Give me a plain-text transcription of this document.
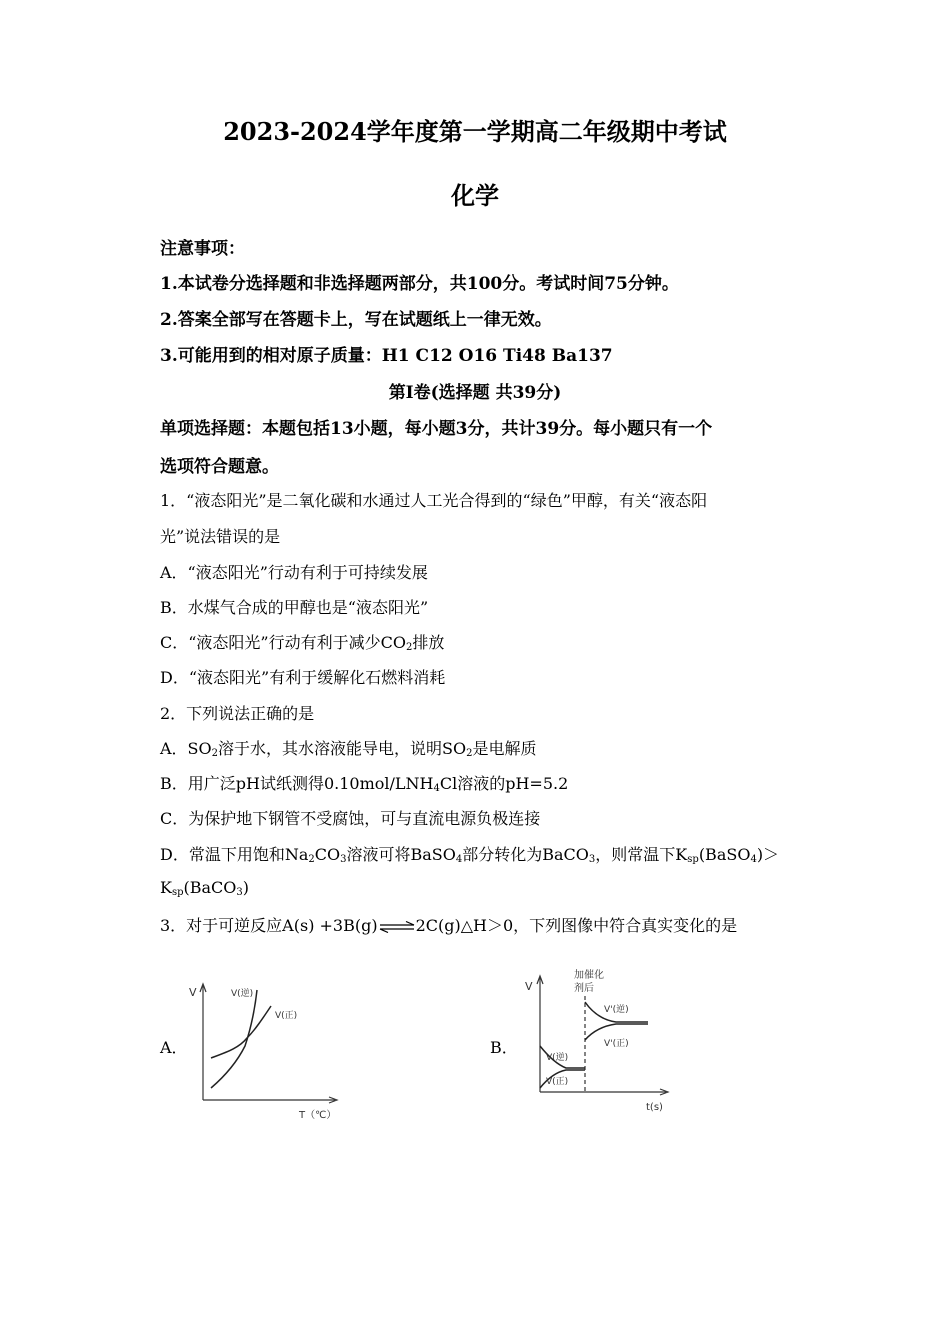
2023-2024学年度第一学期高二年级期中考试
化学
注意事项：
1.本试卷分选择题和非选择题两部分，共100分。考试时间75分钟。
2.答案全部写在答题卡上，写在试题纸上一律无效。
3.可能用到的相对原子质量：H1 C12 O16 Ti48 Ba137
第I卷(选择题 共39分)
单项选择题：本题包括13小题，每小题3分，共计39分。每小题只有一个
选项符合题意。
1．“液态阳光”是二氧化碳和水通过人工光合得到的“绿色”甲醇，有关“液态阳
光”说法错误的是
A．“液态阳光”行动有利于可持续发展
B．水煤气合成的甲醇也是“液态阳光”
C．“液态阳光”行动有利于减少$CO_2$排放
D．“液态阳光”有利于缓解化石燃料消耗
2．下列说法正确的是
A．$SO_2$溶于水，其水溶液能导电，说明$SO_2$是电解质
B．用广泛pH试纸测得$0.10mol/LNH_4Cl$溶液的pH=5.2
C．为保护地下钢管不受腐蚀，可与直流电源负极连接
D．常温下用饱和$Na_2CO_3$溶液可将BaSO$_4$部分转化为BaCO$_3$，则常温下$K_{sp}(BaSO_4)>$
$K_{sp}(BaCO_3)$
3．对于可逆反应A(s) +3B(g)⇌2C(g)△H＞0，下列图像中符合真实变化的是
A．
V
T（℃）
V(逆)
V(正)
B．
V
t(s)
加催化
剂后
V(逆)
V(正)
V'(逆)
V'(正)
